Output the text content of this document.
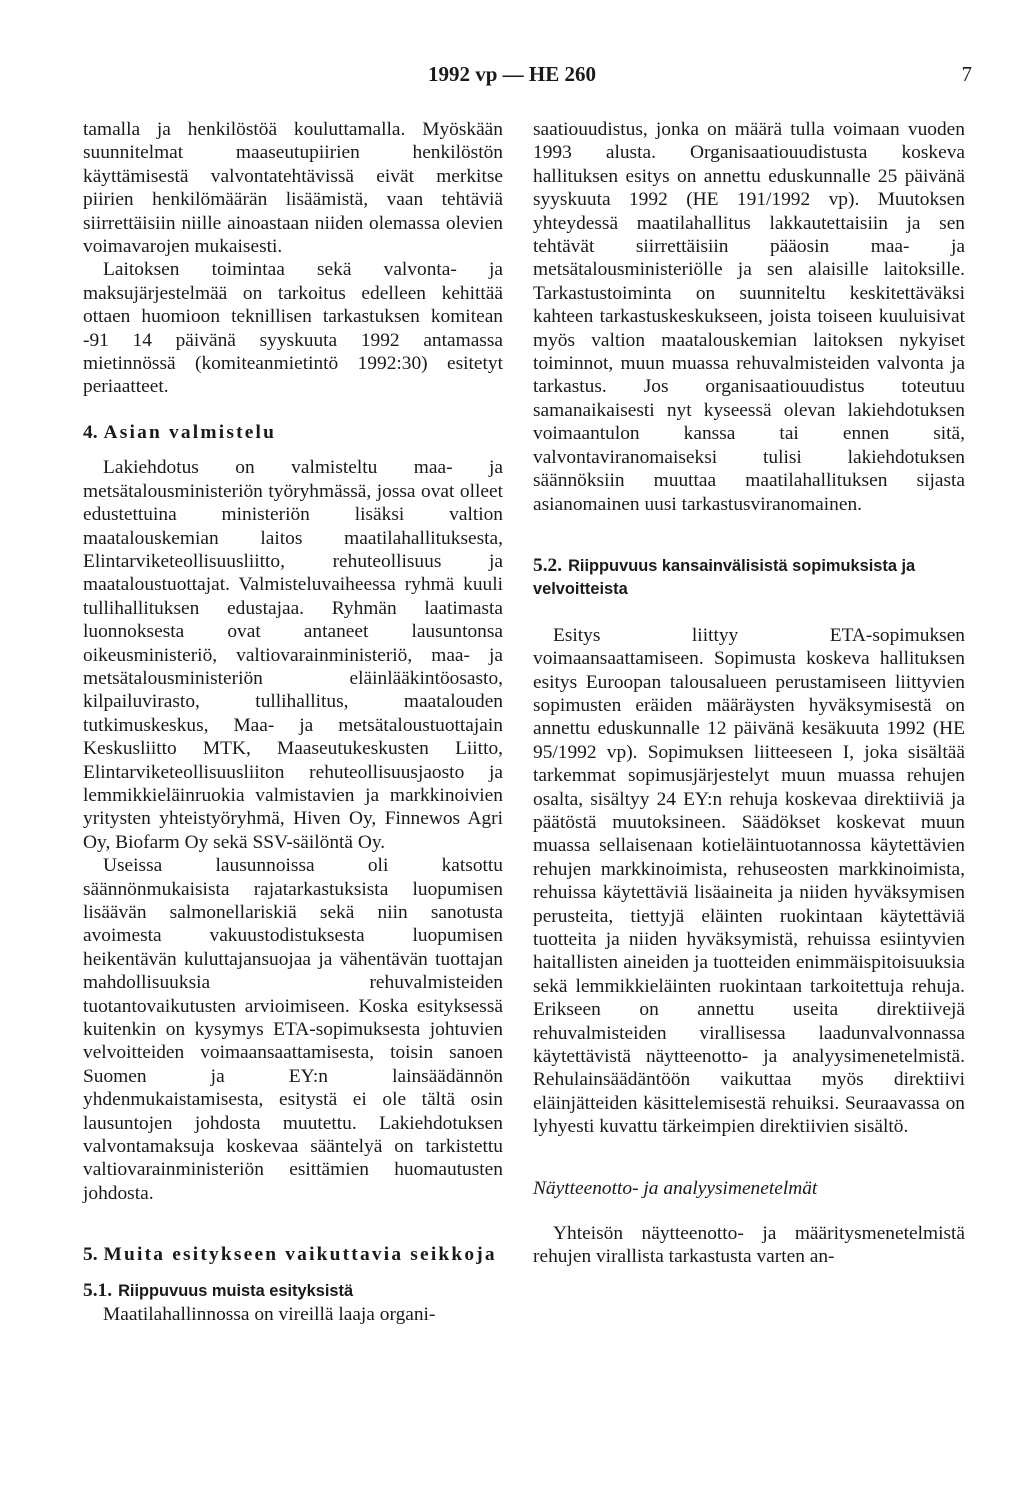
1992 vp — HE 260	7

tamalla ja henkilöstöä kouluttamalla. Myöskään suunnitelmat maaseutupiirien henkilöstön käyttämisestä valvontatehtävissä eivät merkitse piirien henkilömäärän lisäämistä, vaan tehtäviä siirrettäisiin niille ainoastaan niiden olemassa olevien voimavarojen mukaisesti.

Laitoksen toimintaa sekä valvonta- ja maksujärjestelmää on tarkoitus edelleen kehittää ottaen huomioon teknillisen tarkastuksen komitean -91 14 päivänä syyskuuta 1992 antamassa mietinnössä (komiteanmietintö 1992:30) esitetyt periaatteet.

4. Asian valmistelu

Lakiehdotus on valmisteltu maa- ja metsätalousministeriön työryhmässä, jossa ovat olleet edustettuina ministeriön lisäksi valtion maatalouskemian laitos maatilahallituksesta, Elintarviketeollisuusliitto, rehuteollisuus ja maataloustuottajat. Valmisteluvaiheessa ryhmä kuuli tullihallituksen edustajaa. Ryhmän laatimasta luonnoksesta ovat antaneet lausuntonsa oikeusministeriö, valtiovarainministeriö, maa- ja metsätalousministeriön eläinlääkintöosasto, kilpailuvirasto, tullihallitus, maatalouden tutkimuskeskus, Maa- ja metsätaloustuottajain Keskusliitto MTK, Maaseutukeskusten Liitto, Elintarviketeollisuusliiton rehuteollisuusjaosto ja lemmikkieläinruokia valmistavien ja markkinoivien yritysten yhteistyöryhmä, Hiven Oy, Finnewos Agri Oy, Biofarm Oy sekä SSV-säilöntä Oy.

Useissa lausunnoissa oli katsottu säännönmukaisista rajatarkastuksista luopumisen lisäävän salmonellariskiä sekä niin sanotusta avoimesta vakuustodistuksesta luopumisen heikentävän kuluttajansuojaa ja vähentävän tuottajan mahdollisuuksia rehuvalmisteiden tuotantovaikutusten arvioimiseen. Koska esityksessä kuitenkin on kysymys ETA-sopimuksesta johtuvien velvoitteiden voimaansaattamisesta, toisin sanoen Suomen ja EY:n lainsäädännön yhdenmukaistamisesta, esitystä ei ole tältä osin lausuntojen johdosta muutettu. Lakiehdotuksen valvontamaksuja koskevaa sääntelyä on tarkistettu valtiovarainministeriön esittämien huomautusten johdosta.

5. Muita esitykseen vaikuttavia seikkoja
5.1. Riippuvuus muista esityksistä

Maatilahallinnossa on vireillä laaja organi-

saatiouudistus, jonka on määrä tulla voimaan vuoden 1993 alusta. Organisaatiouudistusta koskeva hallituksen esitys on annettu eduskunnalle 25 päivänä syyskuuta 1992 (HE 191/1992 vp). Muutoksen yhteydessä maatilahallitus lakkautettaisiin ja sen tehtävät siirrettäisiin pääosin maa- ja metsätalousministeriölle ja sen alaisille laitoksille. Tarkastustoiminta on suunniteltu keskitettäväksi kahteen tarkastuskeskukseen, joista toiseen kuuluisivat myös valtion maatalouskemian laitoksen nykyiset toiminnot, muun muassa rehuvalmisteiden valvonta ja tarkastus. Jos organisaatiouudistus toteutuu samanaikaisesti nyt kyseessä olevan lakiehdotuksen voimaantulon kanssa tai ennen sitä, valvontaviranomaiseksi tulisi lakiehdotuksen säännöksiin muuttaa maatilahallituksen sijasta asianomainen uusi tarkastusviranomainen.

5.2. Riippuvuus kansainvälisistä sopimuksista ja velvoitteista

Esitys liittyy ETA-sopimuksen voimaansaattamiseen. Sopimusta koskeva hallituksen esitys Euroopan talousalueen perustamiseen liittyvien sopimusten eräiden määräysten hyväksymisestä on annettu eduskunnalle 12 päivänä kesäkuuta 1992 (HE 95/1992 vp). Sopimuksen liitteeseen I, joka sisältää tarkemmat sopimusjärjestelyt muun muassa rehujen osalta, sisältyy 24 EY:n rehuja koskevaa direktiiviä ja päätöstä muutoksineen. Säädökset koskevat muun muassa sellaisenaan kotieläintuotannossa käytettävien rehujen markkinoimista, rehuseosten markkinoimista, rehuissa käytettäviä lisäaineita ja niiden hyväksymisen perusteita, tiettyjä eläinten ruokintaan käytettäviä tuotteita ja niiden hyväksymistä, rehuissa esiintyvien haitallisten aineiden ja tuotteiden enimmäispitoisuuksia sekä lemmikkieläinten ruokintaan tarkoitettuja rehuja. Erikseen on annettu useita direktiivejä rehuvalmisteiden virallisessa laadunvalvonnassa käytettävistä näytteenotto- ja analyysimenetelmistä. Rehulainsäädäntöön vaikuttaa myös direktiivi eläinjätteiden käsittelemisestä rehuiksi. Seuraavassa on lyhyesti kuvattu tärkeimpien direktiivien sisältö.

Näytteenotto- ja analyysimenetelmät

Yhteisön näytteenotto- ja määritysmenetelmistä rehujen virallista tarkastusta varten an-
